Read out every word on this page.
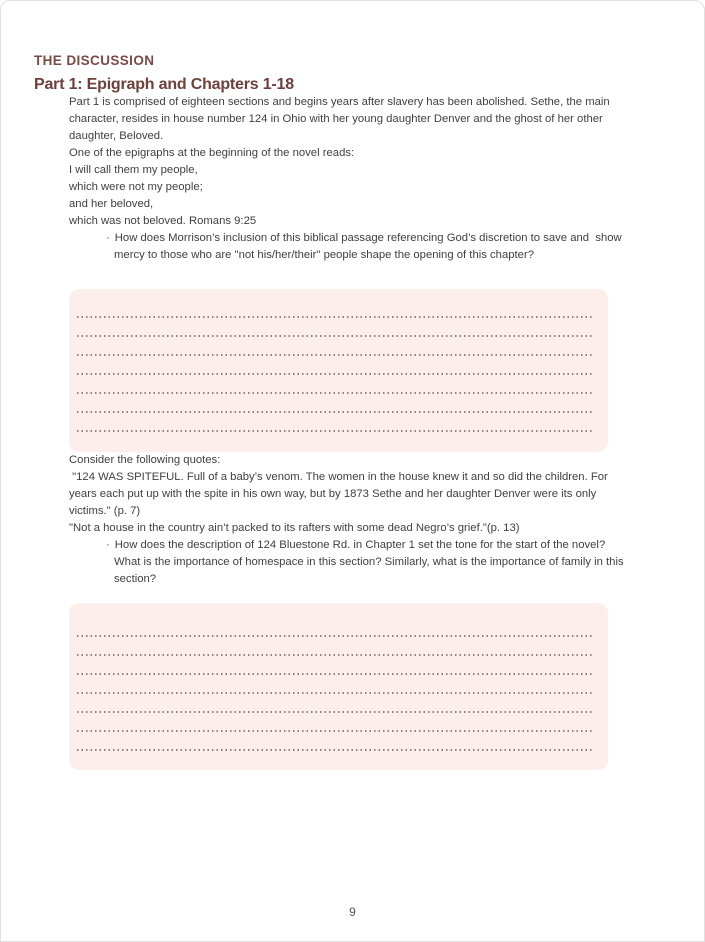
THE DISCUSSION
Part 1: Epigraph and Chapters 1-18

Part 1 is comprised of eighteen sections and begins years after slavery has been abolished. Sethe, the main character, resides in house number 124 in Ohio with her young daughter Denver and the ghost of her other daughter, Beloved.

One of the epigraphs at the beginning of the novel reads:

I will call them my people,

which were not my people;

and her beloved,

which was not beloved. Romans 9:25

· How does Morrison’s inclusion of this biblical passage referencing God’s discretion to save and  show mercy to those who are "not his/her/their" people shape the opening of this chapter?

Consider the following quotes:

"124 WAS SPITEFUL. Full of a baby’s venom. The women in the house knew it and so did the children. For years each put up with the spite in his own way, but by 1873 Sethe and her daughter Denver were its only victims." (p. 7)

"Not a house in the country ain’t packed to its rafters with some dead Negro’s grief."(p. 13)

· How does the description of 124 Bluestone Rd. in Chapter 1 set the tone for the start of the novel? What is the importance of homespace in this section? Similarly, what is the importance of family in this section?

9
